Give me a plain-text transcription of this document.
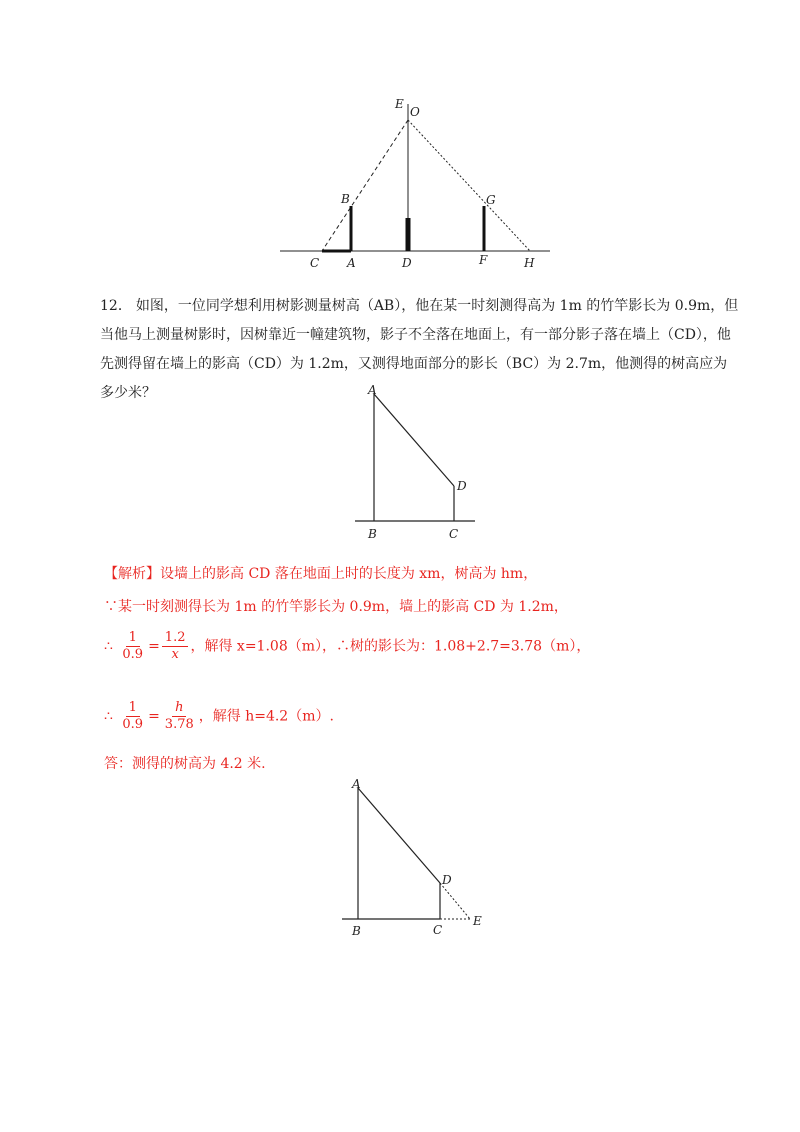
E
O
B	G
C A	D	F	H
12． 如图，一位同学想利用树影测量树高（AB），他在某一时刻测得高为 1m 的竹竿影长为 0.9m，但当他马上测量树影时，因树靠近一幢建筑物，影子不全落在地面上，有一部分影子落在墙上（CD），他先测得留在墙上的影高（CD）为 1.2m，又测得地面部分的影长（BC）为 2.7m，他测得的树高应为多少米？	A
D
B	C
【解析】设墙上的影高 CD 落在地面上时的长度为 xm，树高为 hm，
∵某一时刻测得长为 1m 的竹竿影长为 0.9m，墙上的影高 CD 为 1.2m，
∴ $\frac{1}{0.9} = \frac{1.2}{x}$ ，解得 x=1.08（m），∴树的影长为：1.08+2.7=3.78（m），
∴ $\frac{1}{0.9} = \frac{h}{3.78}$ ，解得 h=4.2（m）.
答：测得的树高为 4.2 米.
A
D
B	C
E
